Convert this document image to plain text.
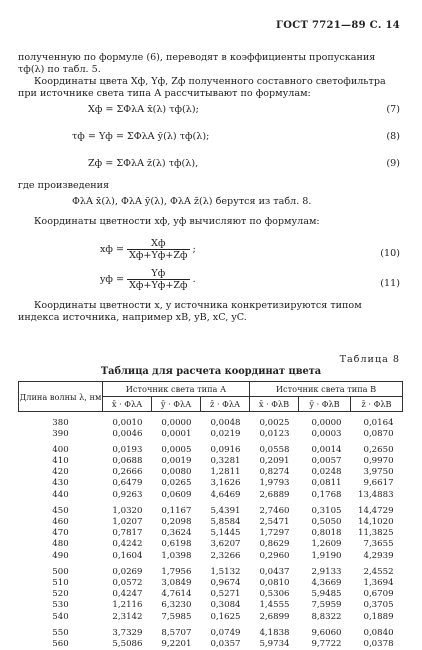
ГОСТ 7721—89 С. 14
полученную по формуле (6), переводят в коэффициенты пропускания τф(λ) по табл. 5.
Координаты цвета Хф, Yф, Zф полученного составного светофильтра при источнике света типа А рассчитывают по формулам:
Хф = ΣΦλA x̄(λ) τф(λ);	(7)
τф = Yф = ΣΦλA ȳ(λ) τф(λ);	(8)
Zф = ΣΦλA z̄(λ) τф(λ),	(9)
где произведения
ΦλA x̄(λ), ΦλA ȳ(λ), ΦλA z̄(λ) берутся из табл. 8.
Координаты цветности xф, yф вычисляют по формулам:
xф = $\frac{Xф}{Xф+Yф+Zф}$ ;	(10)
yф = $\frac{Yф}{Xф+Yф+Zф}$ .	(11)
Координаты цветности x, y источника конкретизируются типом индекса источника, например xB, yB, xC, yC.
Таблица 8
Таблица для расчета координат цвета
Длина волны λ, нм	Источник света типа А			Источник света типа В		
	x̄ · ΦλA	ȳ · ΦλA	z̄ · ΦλA	x̄ · ΦλB	ȳ · ΦλB	z̄ · ΦλB

380	0,0010	0,0000	0,0048	0,0025	0,0000	0,0164
390	0,0046	0,0001	0,0219	0,0123	0,0003	0,0870

400	0,0193	0,0005	0,0916	0,0558	0,0014	0,2650
410	0,0688	0,0019	0,3281	0,2091	0,0057	0,9970
420	0,2666	0,0080	1,2811	0,8274	0,0248	3,9750
430	0,6479	0,0265	3,1626	1,9793	0,0811	9,6617
440	0,9263	0,0609	4,6469	2,6889	0,1768	13,4883

450	1,0320	0,1167	5,4391	2,7460	0,3105	14,4729
460	1,0207	0,2098	5,8584	2,5471	0,5050	14,1020
470	0,7817	0,3624	5,1445	1,7297	0,8018	11,3825
480	0,4242	0,6198	3,6207	0,8629	1,2609	7,3655
490	0,1604	1,0398	2,3266	0,2960	1,9190	4,2939

500	0,0269	1,7956	1,5132	0,0437	2,9133	2,4552
510	0,0572	3,0849	0,9674	0,0810	4,3669	1,3694
520	0,4247	4,7614	0,5271	0,5306	5,9485	0,6709
530	1,2116	6,3230	0,3084	1,4555	7,5959	0,3705
540	2,3142	7,5985	0,1625	2,6899	8,8322	0,1889

550	3,7329	8,5707	0,0749	4,1838	9,6060	0,0840
560	5,5086	9,2201	0,0357	5,9734	9,7722	0,0378
